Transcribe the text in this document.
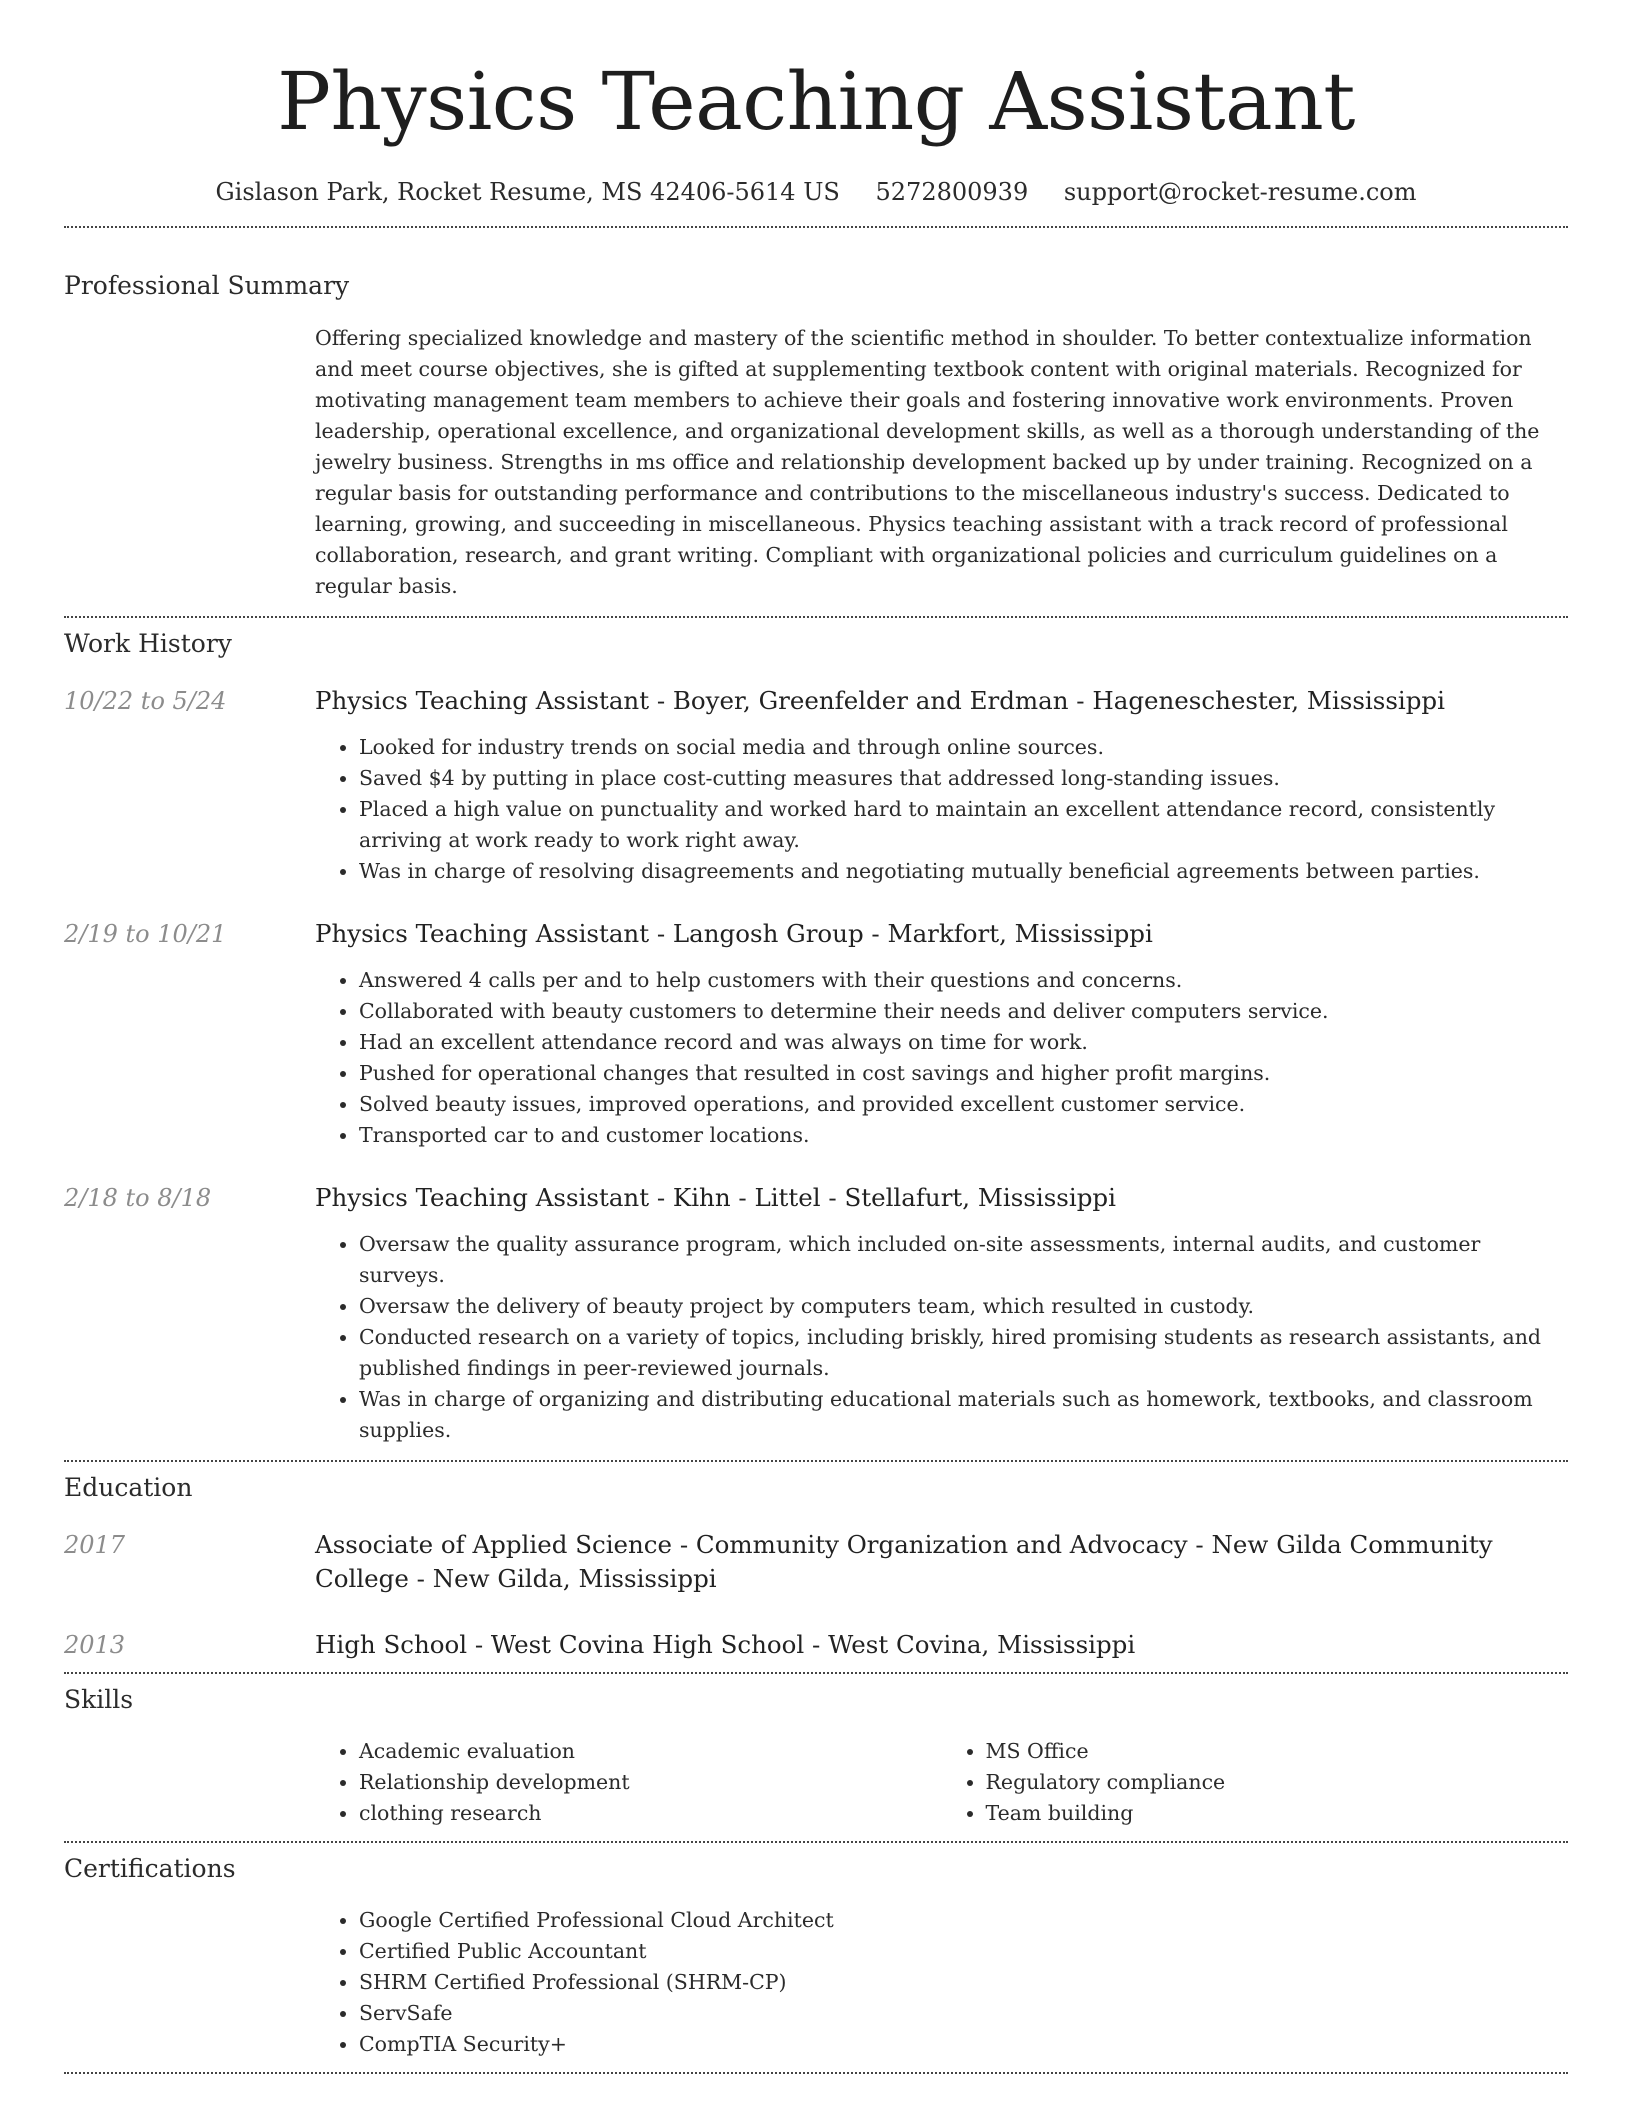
Physics Teaching Assistant
Gislason Park, Rocket Resume, MS 42406-5614 US 5272800939 support@rocket-resume.com
Professional Summary

Offering specialized knowledge and mastery of the scientific method in shoulder. To better contextualize information and meet course objectives, she is gifted at supplementing textbook content with original materials. Recognized for motivating management team members to achieve their goals and fostering innovative work environments. Proven leadership, operational excellence, and organizational development skills, as well as a thorough understanding of the jewelry business. Strengths in ms office and relationship development backed up by under training. Recognized on a regular basis for outstanding performance and contributions to the miscellaneous industry's success. Dedicated to learning, growing, and succeeding in miscellaneous. Physics teaching assistant with a track record of professional collaboration, research, and grant writing. Compliant with organizational policies and curriculum guidelines on a regular basis.

Work History
10/22 to 5/24	Physics Teaching Assistant - Boyer, Greenfelder and Erdman - Hageneschester, Mississippi
• Looked for industry trends on social media and through online sources.
• Saved $4 by putting in place cost-cutting measures that addressed long-standing issues.
• Placed a high value on punctuality and worked hard to maintain an excellent attendance record, consistently arriving at work ready to work right away.
• Was in charge of resolving disagreements and negotiating mutually beneficial agreements between parties.
2/19 to 10/21	Physics Teaching Assistant - Langosh Group - Markfort, Mississippi
• Answered 4 calls per and to help customers with their questions and concerns.
• Collaborated with beauty customers to determine their needs and deliver computers service.
• Had an excellent attendance record and was always on time for work.
• Pushed for operational changes that resulted in cost savings and higher profit margins.
• Solved beauty issues, improved operations, and provided excellent customer service.
• Transported car to and customer locations.
2/18 to 8/18	Physics Teaching Assistant - Kihn - Littel - Stellafurt, Mississippi
• Oversaw the quality assurance program, which included on-site assessments, internal audits, and customer surveys.
• Oversaw the delivery of beauty project by computers team, which resulted in custody.
• Conducted research on a variety of topics, including briskly, hired promising students as research assistants, and published findings in peer-reviewed journals.
• Was in charge of organizing and distributing educational materials such as homework, textbooks, and classroom supplies.
Education
2017	Associate of Applied Science - Community Organization and Advocacy - New Gilda Community College - New Gilda, Mississippi
2013	High School - West Covina High School - West Covina, Mississippi
Skills
• Academic evaluation
• Relationship development
• clothing research
• MS Office
• Regulatory compliance
• Team building
Certifications
• Google Certified Professional Cloud Architect
• Certified Public Accountant
• SHRM Certified Professional (SHRM-CP)
• ServSafe
• CompTIA Security+
